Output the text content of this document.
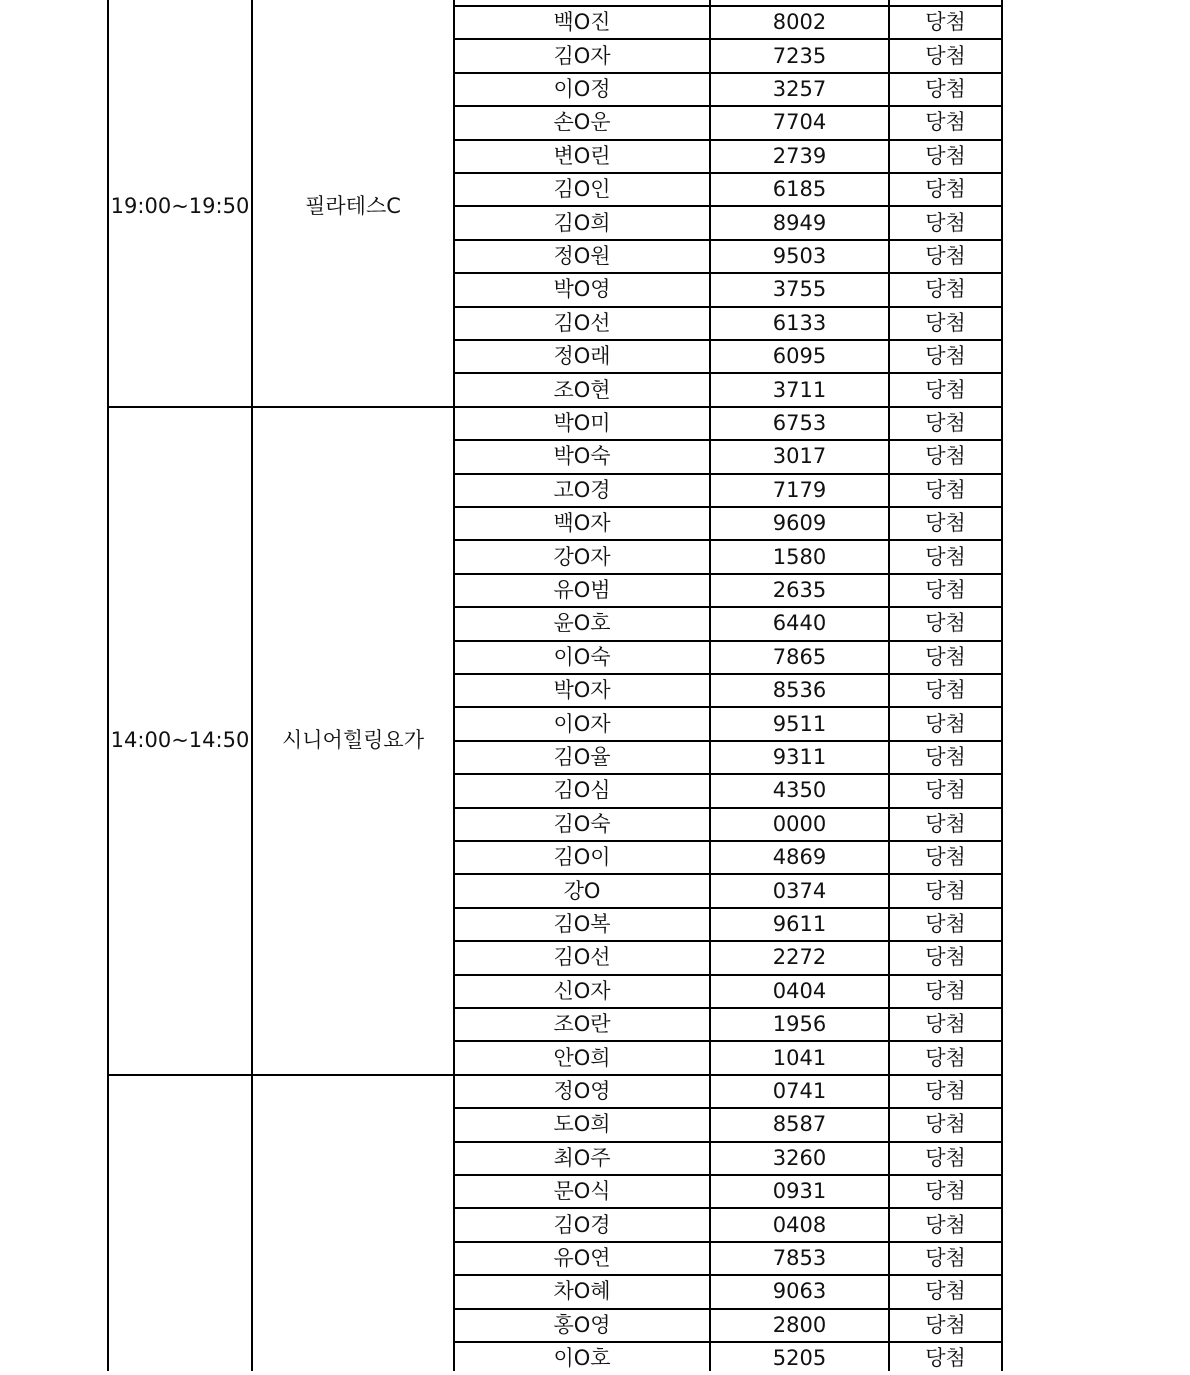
19:00~19:50	필라테스C
백O진	8002	당첨
김O자	7235	당첨
이O정	3257	당첨
손O운	7704	당첨
변O린	2739	당첨
김O인	6185	당첨
김O희	8949	당첨
정O원	9503	당첨
박O영	3755	당첨
김O선	6133	당첨
정O래	6095	당첨
조O현	3711	당첨
14:00~14:50	시니어힐링요가
박O미	6753	당첨
박O숙	3017	당첨
고O경	7179	당첨
백O자	9609	당첨
강O자	1580	당첨
유O범	2635	당첨
윤O호	6440	당첨
이O숙	7865	당첨
박O자	8536	당첨
이O자	9511	당첨
김O율	9311	당첨
김O심	4350	당첨
김O숙	0000	당첨
김O이	4869	당첨
강O	0374	당첨
김O복	9611	당첨
김O선	2272	당첨
신O자	0404	당첨
조O란	1956	당첨
안O희	1041	당첨
정O영	0741	당첨
도O희	8587	당첨
최O주	3260	당첨
문O식	0931	당첨
김O경	0408	당첨
유O연	7853	당첨
차O혜	9063	당첨
홍O영	2800	당첨
이O호	5205	당첨
